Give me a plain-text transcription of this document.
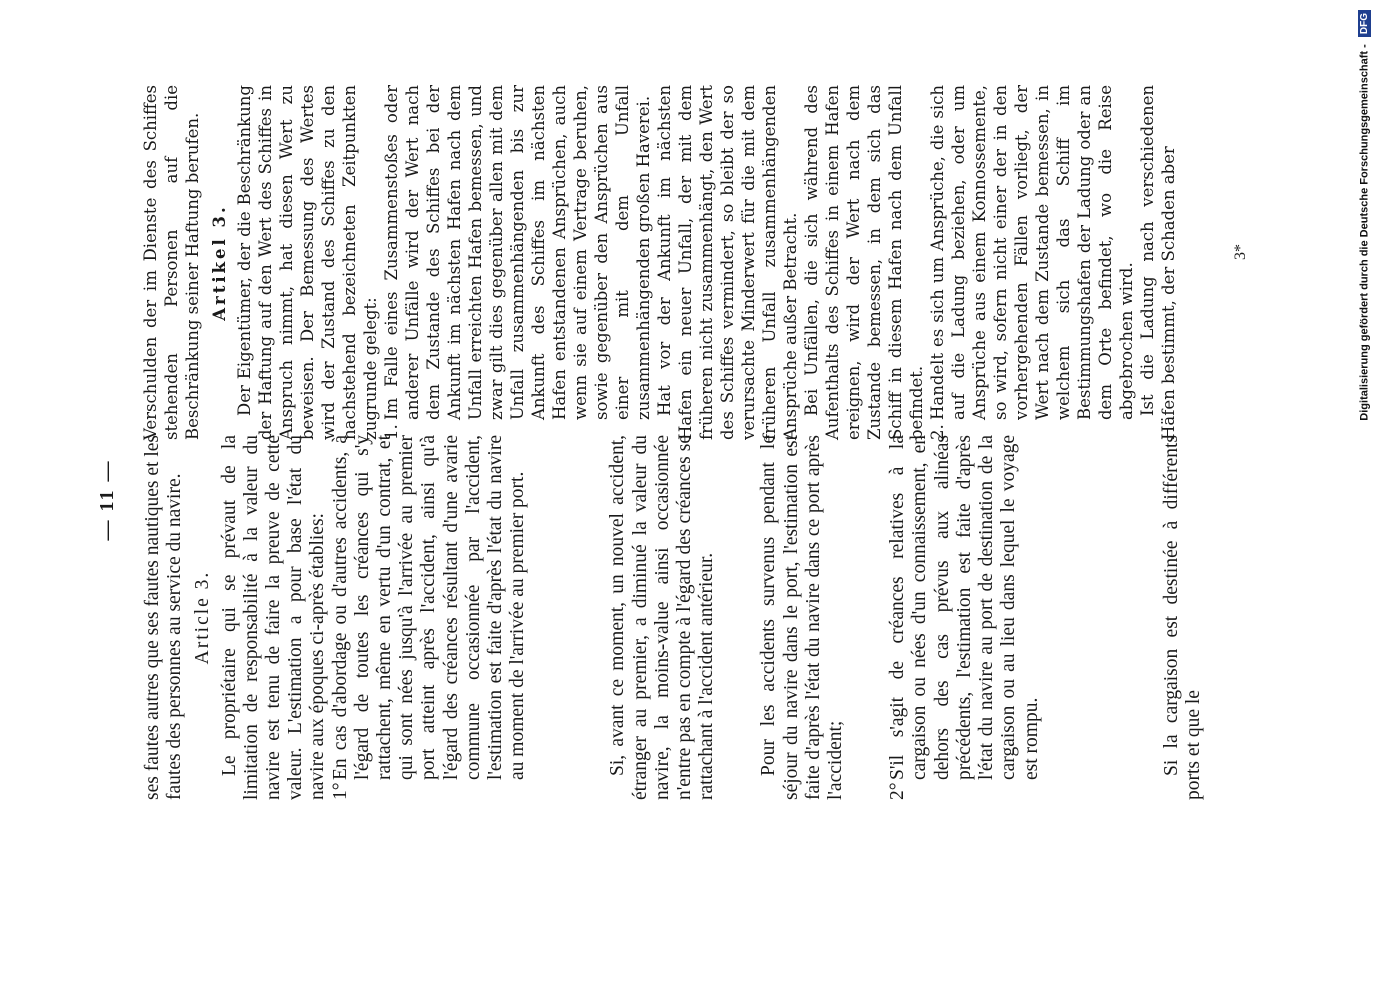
— 11 — ses fautes autres que ses fautes nautiques et les fautes des personnes au service du navire. Article 3. Le propriétaire qui se prévaut de la limitation de responsabilité à la valeur du navire est tenu de faire la preuve de cette valeur. L'estimation a pour base l'état du navire aux époques ci-après établies: 1°

En cas d'abordage ou d'autres accidents, à l'égard de toutes les créances qui s'y rattachent, même en vertu d'un contrat, et qui sont nées jusqu'à l'arrivée au premier port atteint après l'accident, ainsi qu'à l'égard des créances résultant d'une avarie commune occasionnée par l'accident, l'estimation est faite d'après l'état du navire au moment de l'arrivée au premier port.	Si, avant ce moment, un nouvel accident, étranger au premier, a diminué la valeur du navire, la moins-value ainsi occasionnée n'entre pas en compte à l'égard des créances se rattachant à l'accident antérieur. Pour les accidents survenus pendant le séjour du navire dans le port, l'estimation est faite d'après l'état du navire dans ce port après l'accident; 2°

S'il s'agit de créances relatives à la cargaison ou nées d'un connaissement, en dehors des cas prévus aux alinéas précédents, l'estimation est faite d'après l'état du navire au port de destination de la cargaison ou au lieu dans lequel le voyage est rompu.	Si la cargaison est destinée à différents ports et que le

Verschulden der im Dienste des Schiffes stehenden Personen auf die Beschränkung seiner Haftung berufen. Artikel 3. Der Eigentümer, der die Beschränkung der Haftung auf den Wert des Schiffes in Anspruch nimmt, hat diesen Wert zu beweisen. Der Bemessung des Wertes wird der Zustand des Schiffes zu den nachstehend bezeichneten Zeitpunkten zugrunde gelegt: 1.

Im Falle eines Zusammenstoßes oder anderer Unfälle wird der Wert nach dem Zustande des Schiffes bei der Ankunft im nächsten Hafen nach dem Unfall erreichten Hafen bemessen, und zwar gilt dies gegenüber allen mit dem Unfall zusammenhängenden bis zur Ankunft des Schiffes im nächsten Hafen entstandenen Ansprüchen, auch wenn sie auf einem Vertrage beruhen, sowie gegenüber den Ansprüchen aus einer mit dem Unfall zusammenhängenden großen Haverei. Hat vor der Ankunft im nächsten Hafen ein neuer Unfall, der mit dem früheren nicht zusammenhängt, den Wert des Schiffes vermindert, so bleibt der so verursachte Minderwert für die mit dem früheren Unfall zusammenhängenden Ansprüche außer Betracht. Bei Unfällen, die sich während des Aufenthalts des Schiffes in einem Hafen ereignen, wird der Wert nach dem Zustande bemessen, in dem sich das Schiff in diesem Hafen nach dem Unfall befindet. 2.

Handelt es sich um Ansprüche, die sich auf die Ladung beziehen, oder um Ansprüche aus einem Konnossemente, so wird, sofern nicht einer der in den vorhergehenden Fällen vorliegt, der Wert nach dem Zustande bemessen, in welchem sich das Schiff im Bestimmungshafen der Ladung oder an dem Orte befindet, wo die Reise abgebrochen wird. Ist die Ladung nach verschiedenen Häfen bestimmt, der Schaden aber	3*	Digitalisierung gefördert durch die Deutsche Forschungsgemeinschaft - DFG
